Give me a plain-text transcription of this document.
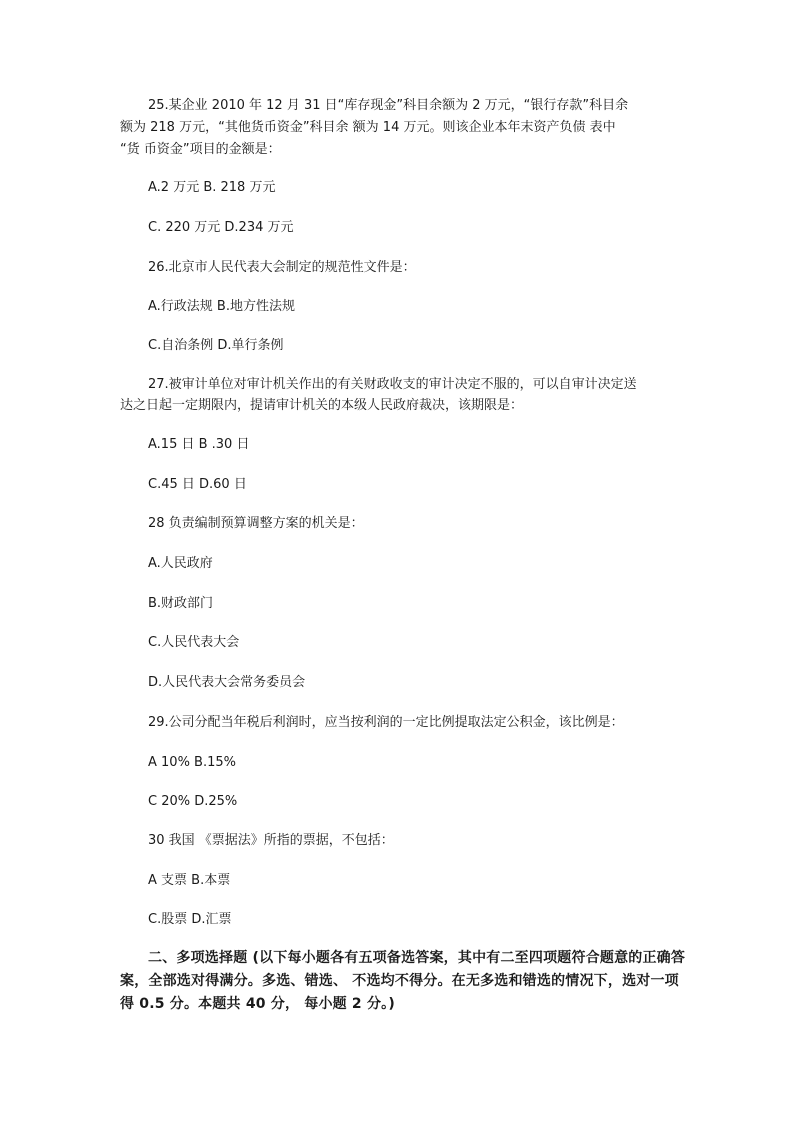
25.某企业 2010 年 12 月 31 日“库存现金”科目余额为 2 万元，“银行存款”科目余
额为 218 万元，“其他货币资金”科目余 额为 14 万元。则该企业本年末资产负债 表中
“货 币资金”项目的金额是：
A.2 万元 B. 218 万元
C. 220 万元 D.234 万元
26.北京市人民代表大会制定的规范性文件是：
A.行政法规 B.地方性法规
C.自治条例 D.单行条例
27.被审计单位对审计机关作出的有关财政收支的审计决定不服的，可以自审计决定送
达之日起一定期限内，提请审计机关的本级人民政府裁决，该期限是：
A.15 日 B .30 日
C.45 日 D.60 日
28 负责编制预算调整方案的机关是：
A.人民政府
B.财政部门
C.人民代表大会
D.人民代表大会常务委员会
29.公司分配当年税后利润时，应当按利润的一定比例提取法定公积金，该比例是：
A 10% B.15%
C 20% D.25%
30 我国 《票据法》所指的票据，不包括：
A 支票 B.本票
C.股票 D.汇票
二、多项选择题 (以下每小题各有五项备选答案，其中有二至四项题符合题意的正确答
案，全部选对得满分。多选、错选、 不选均不得分。在无多选和错选的情况下，选对一项
得 0.5 分。本题共 40 分， 每小题 2 分。)
